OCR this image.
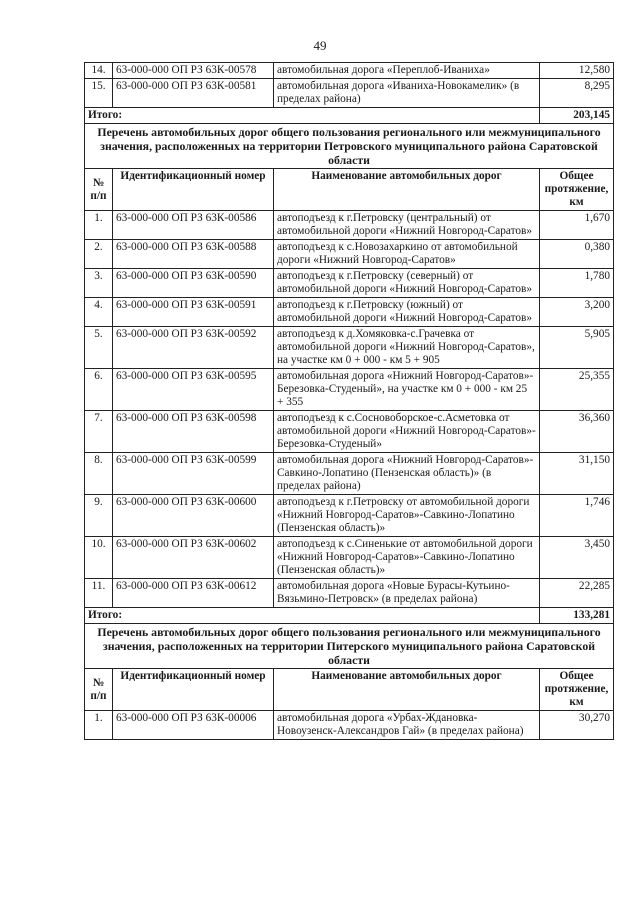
49
14.	63-000-000 ОП РЗ 63К-00578	автомобильная дорога «Переплоб-Иваниха»	12,580
15.	63-000-000 ОП РЗ 63К-00581	автомобильная дорога «Иваниха-Новокамелик» (в пределах района)	8,295
Итого:			203,145
Перечень автомобильных дорог общего пользования регионального или межмуниципального значения, расположенных на территории Петровского муниципального района Саратовской области			
№ п/п	Идентификационный номер	Наименование автомобильных дорог	Общее протяжение, км
1.	63-000-000 ОП РЗ 63К-00586	автоподъезд к г.Петровску (центральный) от автомобильной дороги «Нижний Новгород-Саратов»	1,670
2.	63-000-000 ОП РЗ 63К-00588	автоподъезд к с.Новозахаркино от автомобильной дороги «Нижний Новгород-Саратов»	0,380
3.	63-000-000 ОП РЗ 63К-00590	автоподъезд к г.Петровску (северный) от автомобильной дороги «Нижний Новгород-Саратов»	1,780
4.	63-000-000 ОП РЗ 63К-00591	автоподъезд к г.Петровску (южный) от автомобильной дороги «Нижний Новгород-Саратов»	3,200
5.	63-000-000 ОП РЗ 63К-00592	автоподъезд к д.Хомяковка-с.Грачевка от автомобильной дороги «Нижний Новгород-Саратов», на участке км 0 + 000 - км 5 + 905	5,905
6.	63-000-000 ОП РЗ 63К-00595	автомобильная дорога «Нижний Новгород-Саратов»-Березовка-Студеный», на участке км 0 + 000 - км 25 + 355	25,355
7.	63-000-000 ОП РЗ 63К-00598	автоподъезд к с.Сосновоборское-с.Асметовка от автомобильной дороги «Нижний Новгород-Саратов»-Березовка-Студеный»	36,360
8.	63-000-000 ОП РЗ 63К-00599	автомобильная дорога «Нижний Новгород-Саратов»-Савкино-Лопатино (Пензенская область)» (в пределах района)	31,150
9.	63-000-000 ОП РЗ 63К-00600	автоподъезд к г.Петровску от автомобильной дороги «Нижний Новгород-Саратов»-Савкино-Лопатино (Пензенская область)»	1,746
10.	63-000-000 ОП РЗ 63К-00602	автоподъезд к с.Синенькие от автомобильной дороги «Нижний Новгород-Саратов»-Савкино-Лопатино (Пензенская область)»	3,450
11.	63-000-000 ОП РЗ 63К-00612	автомобильная дорога «Новые Бурасы-Кутьино-Вязьмино-Петровск» (в пределах района)	22,285
Итого:			133,281
Перечень автомобильных дорог общего пользования регионального или межмуниципального значения, расположенных на территории Питерского муниципального района Саратовской области			
№ п/п	Идентификационный номер	Наименование автомобильных дорог	Общее протяжение, км
1.	63-000-000 ОП РЗ 63К-00006	автомобильная дорога «Урбах-Ждановка-Новоузенск-Александров Гай» (в пределах района)	30,270
